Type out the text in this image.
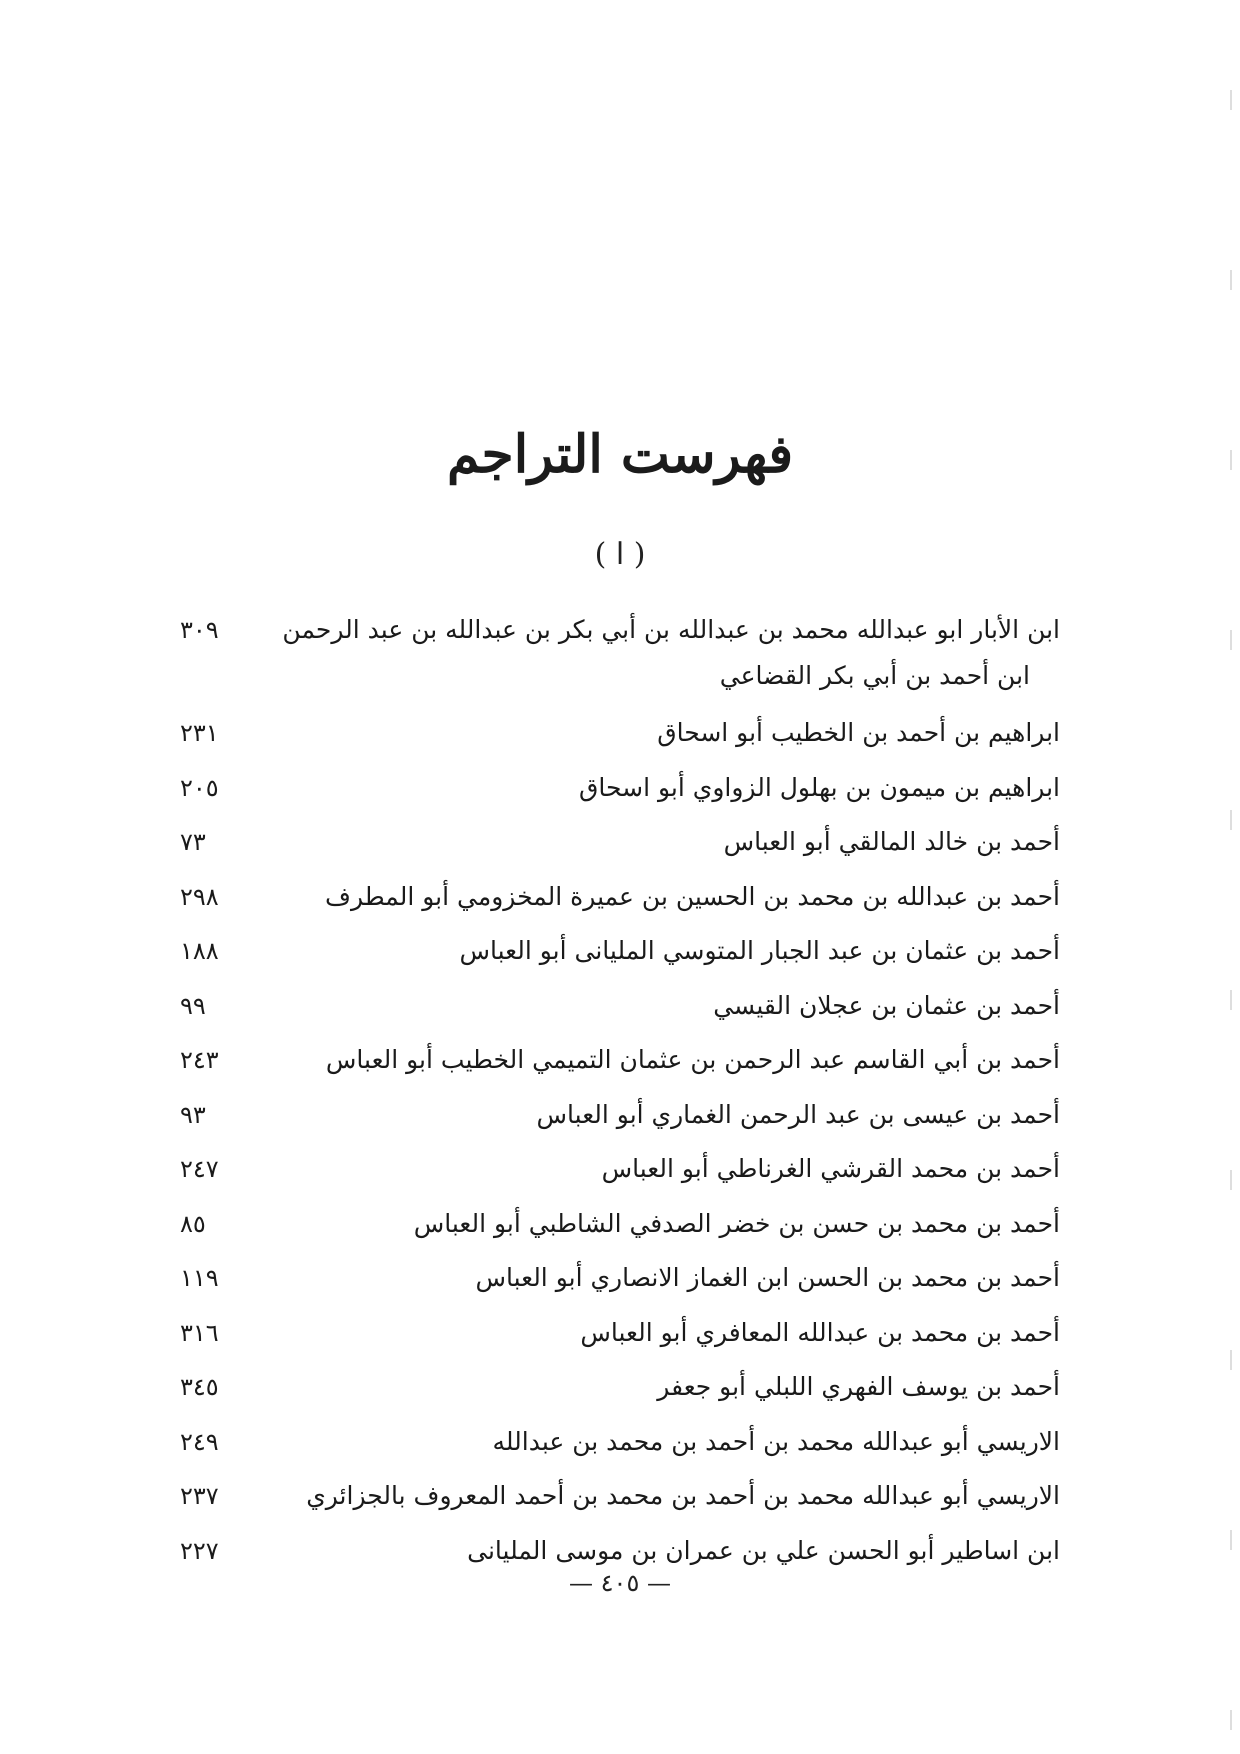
فهرست التراجم
( ا )
ابن الأبار ابو عبدالله محمد بن عبدالله بن أبي بكر بن عبدالله بن عبد الرحمن
ابن أحمد بن أبي بكر القضاعي
٣٠٩
ابراهيم بن أحمد بن الخطيب أبو اسحاق
٢٣١
ابراهيم بن ميمون بن بهلول الزواوي أبو اسحاق
٢٠٥
أحمد بن خالد المالقي أبو العباس
٧٣
أحمد بن عبدالله بن محمد بن الحسين بن عميرة المخزومي أبو المطرف
٢٩٨
أحمد بن عثمان بن عبد الجبار المتوسي المليانى أبو العباس
١٨٨
أحمد بن عثمان بن عجلان القيسي
٩٩
أحمد بن أبي القاسم عبد الرحمن بن عثمان التميمي الخطيب أبو العباس
٢٤٣
أحمد بن عيسى بن عبد الرحمن الغماري أبو العباس
٩٣
أحمد بن محمد القرشي الغرناطي أبو العباس
٢٤٧
أحمد بن محمد بن حسن بن خضر الصدفي الشاطبي أبو العباس
٨٥
أحمد بن محمد بن الحسن ابن الغماز الانصاري أبو العباس
١١٩
أحمد بن محمد بن عبدالله المعافري أبو العباس
٣١٦
أحمد بن يوسف الفهري اللبلي أبو جعفر
٣٤٥
الاريسي أبو عبدالله محمد بن أحمد بن محمد بن عبدالله
٢٤٩
الاريسي أبو عبدالله محمد بن أحمد بن محمد بن أحمد المعروف بالجزائري
٢٣٧
ابن اساطير أبو الحسن علي بن عمران بن موسى المليانى
٢٢٧
— ٤٠٥ —
